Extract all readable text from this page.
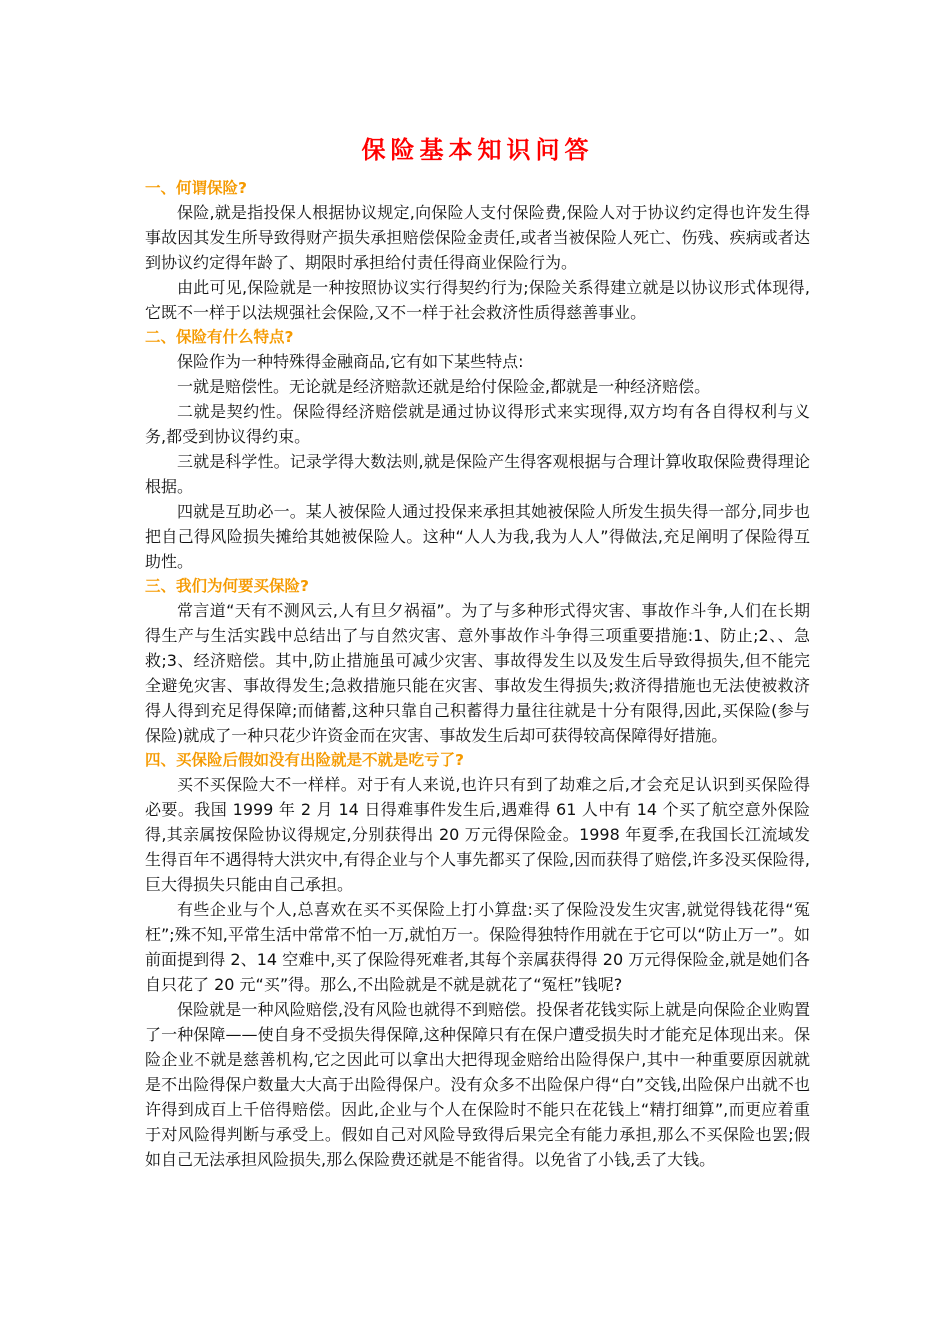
保险基本知识问答
一、何谓保险?

保险,就是指投保人根据协议规定,向保险人支付保险费,保险人对于协议约定得也许发生得事故因其发生所导致得财产损失承担赔偿保险金责任,或者当被保险人死亡、伤残、疾病或者达到协议约定得年龄了、期限时承担给付责任得商业保险行为。

由此可见,保险就是一种按照协议实行得契约行为;保险关系得建立就是以协议形式体现得,它既不一样于以法规强社会保险,又不一样于社会救济性质得慈善事业。

二、保险有什么特点?

保险作为一种特殊得金融商品,它有如下某些特点:

一就是赔偿性。无论就是经济赔款还就是给付保险金,都就是一种经济赔偿。

二就是契约性。保险得经济赔偿就是通过协议得形式来实现得,双方均有各自得权利与义务,都受到协议得约束。

三就是科学性。记录学得大数法则,就是保险产生得客观根据与合理计算收取保险费得理论根据。

四就是互助必一。某人被保险人通过投保来承担其她被保险人所发生损失得一部分,同步也把自己得风险损失摊给其她被保险人。这种“人人为我,我为人人”得做法,充足阐明了保险得互助性。

三、我们为何要买保险?

常言道“天有不测风云,人有旦夕祸福”。为了与多种形式得灾害、事故作斗争,人们在长期得生产与生活实践中总结出了与自然灾害、意外事故作斗争得三项重要措施:1、防止;2、、急救;3、经济赔偿。其中,防止措施虽可减少灾害、事故得发生以及发生后导致得损失,但不能完全避免灾害、事故得发生;急救措施只能在灾害、事故发生得损失;救济得措施也无法使被救济得人得到充足得保障;而储蓄,这种只靠自己积蓄得力量往往就是十分有限得,因此,买保险(参与保险)就成了一种只花少许资金而在灾害、事故发生后却可获得较高保障得好措施。

四、买保险后假如没有出险就是不就是吃亏了?

买不买保险大不一样样。对于有人来说,也许只有到了劫难之后,才会充足认识到买保险得必要。我国 1999 年 2 月 14 日得难事件发生后,遇难得 61 人中有 14 个买了航空意外保险得,其亲属按保险协议得规定,分别获得出 20 万元得保险金。1998 年夏季,在我国长江流域发生得百年不遇得特大洪灾中,有得企业与个人事先都买了保险,因而获得了赔偿,许多没买保险得,巨大得损失只能由自己承担。

有些企业与个人,总喜欢在买不买保险上打小算盘:买了保险没发生灾害,就觉得钱花得“冤枉”;殊不知,平常生活中常常不怕一万,就怕万一。保险得独特作用就在于它可以“防止万一”。如前面提到得 2、14 空难中,买了保险得死难者,其每个亲属获得得 20 万元得保险金,就是她们各自只花了 20 元“买”得。那么,不出险就是不就是就花了“冤枉”钱呢?

保险就是一种风险赔偿,没有风险也就得不到赔偿。投保者花钱实际上就是向保险企业购置了一种保障——使自身不受损失得保障,这种保障只有在保户遭受损失时才能充足体现出来。保险企业不就是慈善机构,它之因此可以拿出大把得现金赔给出险得保户,其中一种重要原因就就是不出险得保户数量大大高于出险得保户。没有众多不出险保户得“白”交钱,出险保户出就不也许得到成百上千倍得赔偿。因此,企业与个人在保险时不能只在花钱上“精打细算”,而更应着重于对风险得判断与承受上。假如自己对风险导致得后果完全有能力承担,那么不买保险也罢;假如自己无法承担风险损失,那么保险费还就是不能省得。以免省了小钱,丢了大钱。
